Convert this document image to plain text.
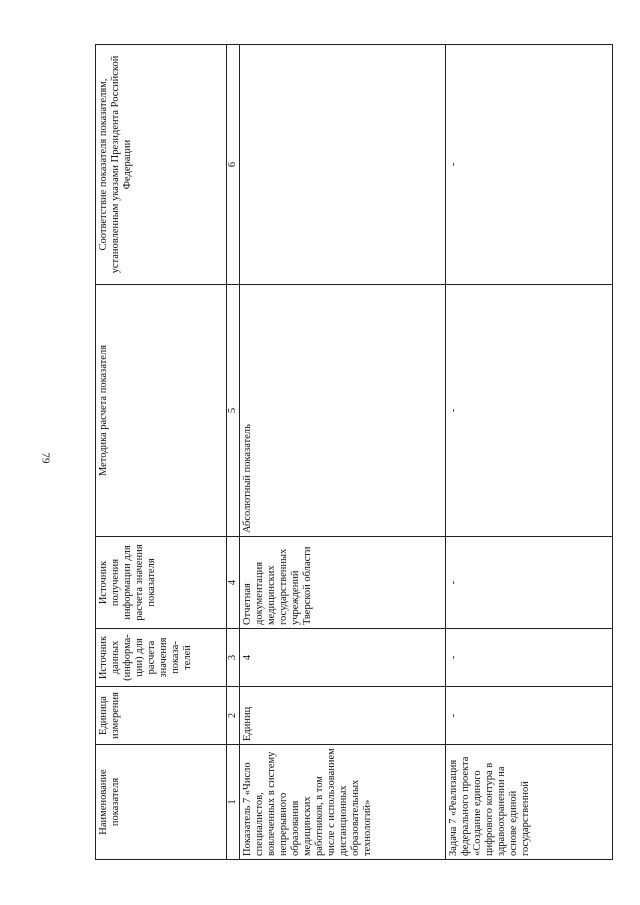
79
Наименование показателя	Единица измерения	Источник данных (информа-ции) для расчета значения показа-телей	Источник получения информации для расчета значения показателя	Методика расчета показателя	Соответствие показателя показателям, установленным указами Президента Российской Федерации
1	2	3	4	5	6
Показатель 7 «Число специалистов, вовлеченных в систему непрерывного образования медицинских работников, в том числе с использованием дистанционных образовательных технологий»	Единиц	4	Отчетная документация медицинских государственных учреждений Тверской области	Абсолютный показатель	
Задача 7 «Реализация федерального проекта «Создание единого цифрового контура в здравоохранении на основе единой государственной	-	-	-	-	-
